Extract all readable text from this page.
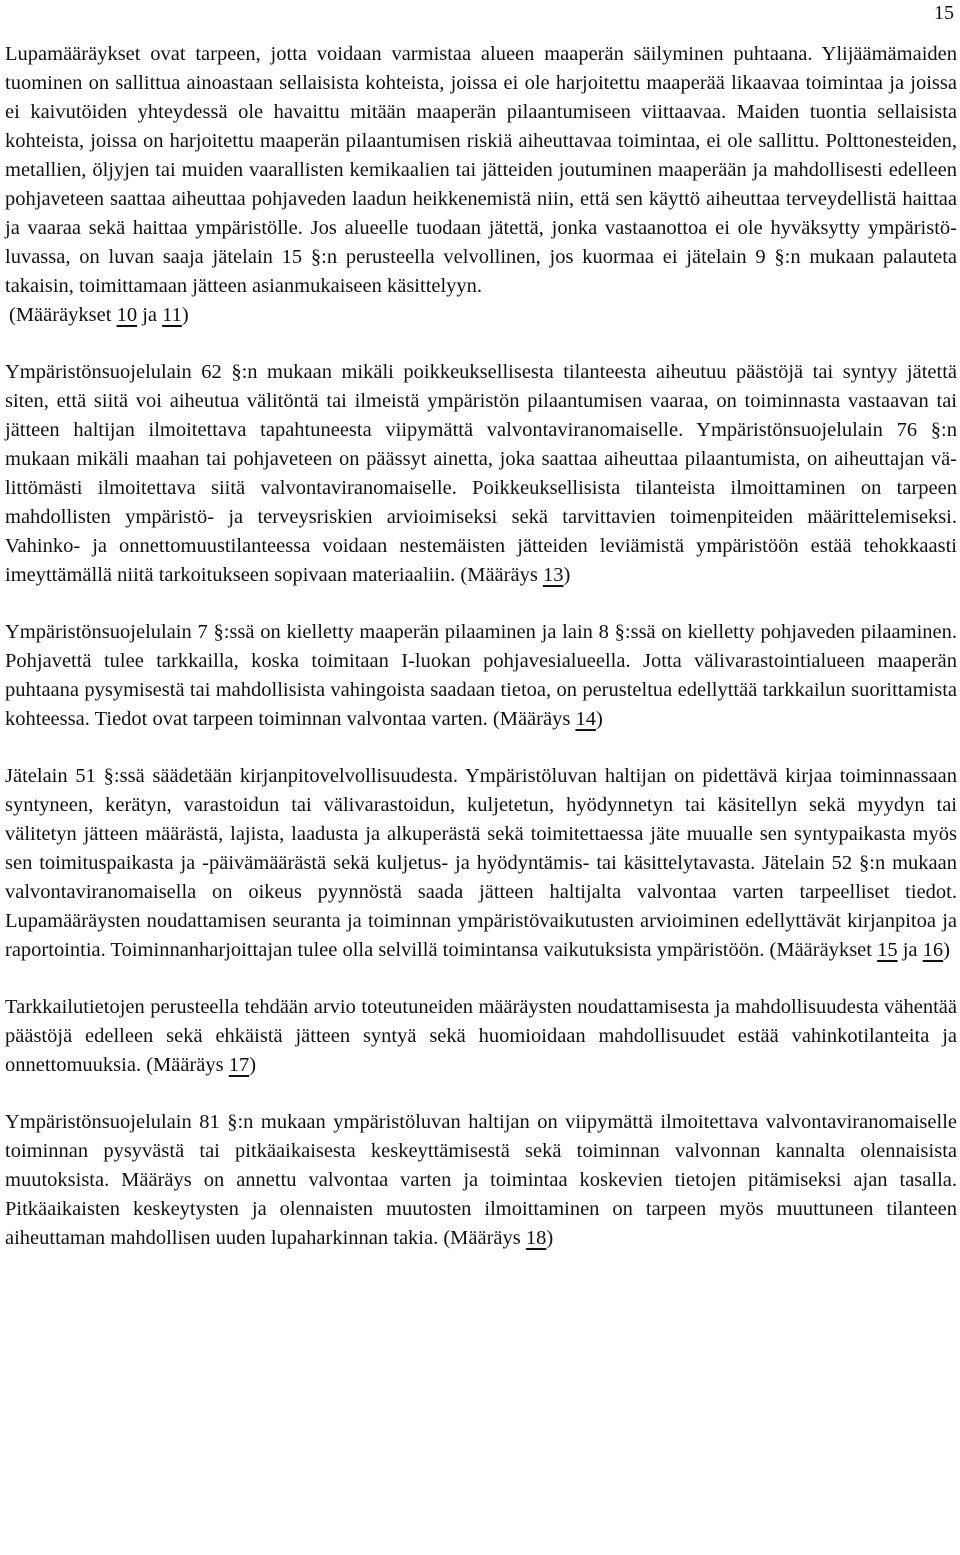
15

Lupamääräykset ovat tarpeen, jotta voidaan varmistaa alueen maaperän säilyminen puhtaana. Ylijäämämaiden tuominen on sallittua ainoastaan sellaisista kohteista, joissa ei ole harjoitettu maaperää likaavaa toimintaa ja joissa ei kaivutöiden yhteydessä ole havaittu mitään maaperän pilaantumiseen viittaavaa. Maiden tuontia sellaisista kohteista, joissa on harjoitettu maaperän pilaantumisen riskiä aiheuttavaa toimintaa, ei ole sallittu. Polttonesteiden, metallien, öljyjen tai muiden vaarallisten kemikaalien tai jätteiden joutuminen maaperään ja mahdollisesti edelleen pohjaveteen saattaa aiheuttaa pohjaveden laadun heikkenemistä niin, että sen käyttö aiheuttaa terveydellistä haittaa ja vaaraa sekä haittaa ympäristölle. Jos alueelle tuodaan jätettä, jonka vastaanottoa ei ole hyväksytty ympäristöluvassa, on luvan saaja jätelain 15 §:n perusteella velvollinen, jos kuormaa ei jätelain 9 §:n mukaan palauteta takaisin, toimittamaan jätteen asianmukaiseen käsittelyyn.
(Määräykset 10 ja 11)

Ympäristönsuojelulain 62 §:n mukaan mikäli poikkeuksellisesta tilanteesta aiheutuu päästöjä tai syntyy jätettä siten, että siitä voi aiheutua välitöntä tai ilmeistä ympäristön pilaantumisen vaaraa, on toiminnasta vastaavan tai jätteen haltijan ilmoitettava tapahtuneesta viipymättä valvontaviranomaiselle. Ympäristönsuojelulain 76 §:n mukaan mikäli maahan tai pohjaveteen on päässyt ainetta, joka saattaa aiheuttaa pilaantumista, on aiheuttajan välittömästi ilmoitettava siitä valvontaviranomaiselle. Poikkeuksellisista tilanteista ilmoittaminen on tarpeen mahdollisten ympäristö- ja terveysriskien arvioimiseksi sekä tarvittavien toimenpiteiden määrittelemiseksi. Vahinko- ja onnettomuustilanteessa voidaan nestemäisten jätteiden leviämistä ympäristöön estää tehokkaasti imeyttämällä niitä tarkoitukseen sopivaan materiaaliin. (Määräys 13)

Ympäristönsuojelulain 7 §:ssä on kielletty maaperän pilaaminen ja lain 8 §:ssä on kielletty pohjaveden pilaaminen. Pohjavettä tulee tarkkailla, koska toimitaan I-luokan pohjavesialueella. Jotta välivarastointialueen maaperän puhtaana pysymisestä tai mahdollisista vahingoista saadaan tietoa, on perusteltua edellyttää tarkkailun suorittamista kohteessa. Tiedot ovat tarpeen toiminnan valvontaa varten. (Määräys 14)

Jätelain 51 §:ssä säädetään kirjanpitovelvollisuudesta. Ympäristöluvan haltijan on pidettävä kirjaa toiminnassaan syntyneen, kerätyn, varastoidun tai välivarastoidun, kuljetetun, hyödynnetyn tai käsitellyn sekä myydyn tai välitetyn jätteen määrästä, lajista, laadusta ja alkuperästä sekä toimitettaessa jäte muualle sen syntypaikasta myös sen toimituspaikasta ja -päivämäärästä sekä kuljetus- ja hyödyntämis- tai käsittelytavasta. Jätelain 52 §:n mukaan valvontaviranomaisella on oikeus pyynnöstä saada jätteen haltijalta valvontaa varten tarpeelliset tiedot. Lupamääräysten noudattamisen seuranta ja toiminnan ympäristövaikutusten arvioiminen edellyttävät kirjanpitoa ja raportointia. Toiminnanharjoittajan tulee olla selvillä toimintansa vaikutuksista ympäristöön. (Määräykset 15 ja 16)

Tarkkailutietojen perusteella tehdään arvio toteutuneiden määräysten noudattamisesta ja mahdollisuudesta vähentää päästöjä edelleen sekä ehkäistä jätteen syntyä sekä huomioidaan mahdollisuudet estää vahinkotilanteita ja onnettomuuksia. (Määräys 17)

Ympäristönsuojelulain 81 §:n mukaan ympäristöluvan haltijan on viipymättä ilmoitettava valvontaviranomaiselle toiminnan pysyvästä tai pitkäaikaisesta keskeyttämisestä sekä toiminnan valvonnan kannalta olennaisista muutoksista. Määräys on annettu valvontaa varten ja toimintaa koskevien tietojen pitämiseksi ajan tasalla. Pitkäaikaisten keskeytysten ja olennaisten muutosten ilmoittaminen on tarpeen myös muuttuneen tilanteen aiheuttaman mahdollisen uuden lupaharkinnan takia. (Määräys 18)
